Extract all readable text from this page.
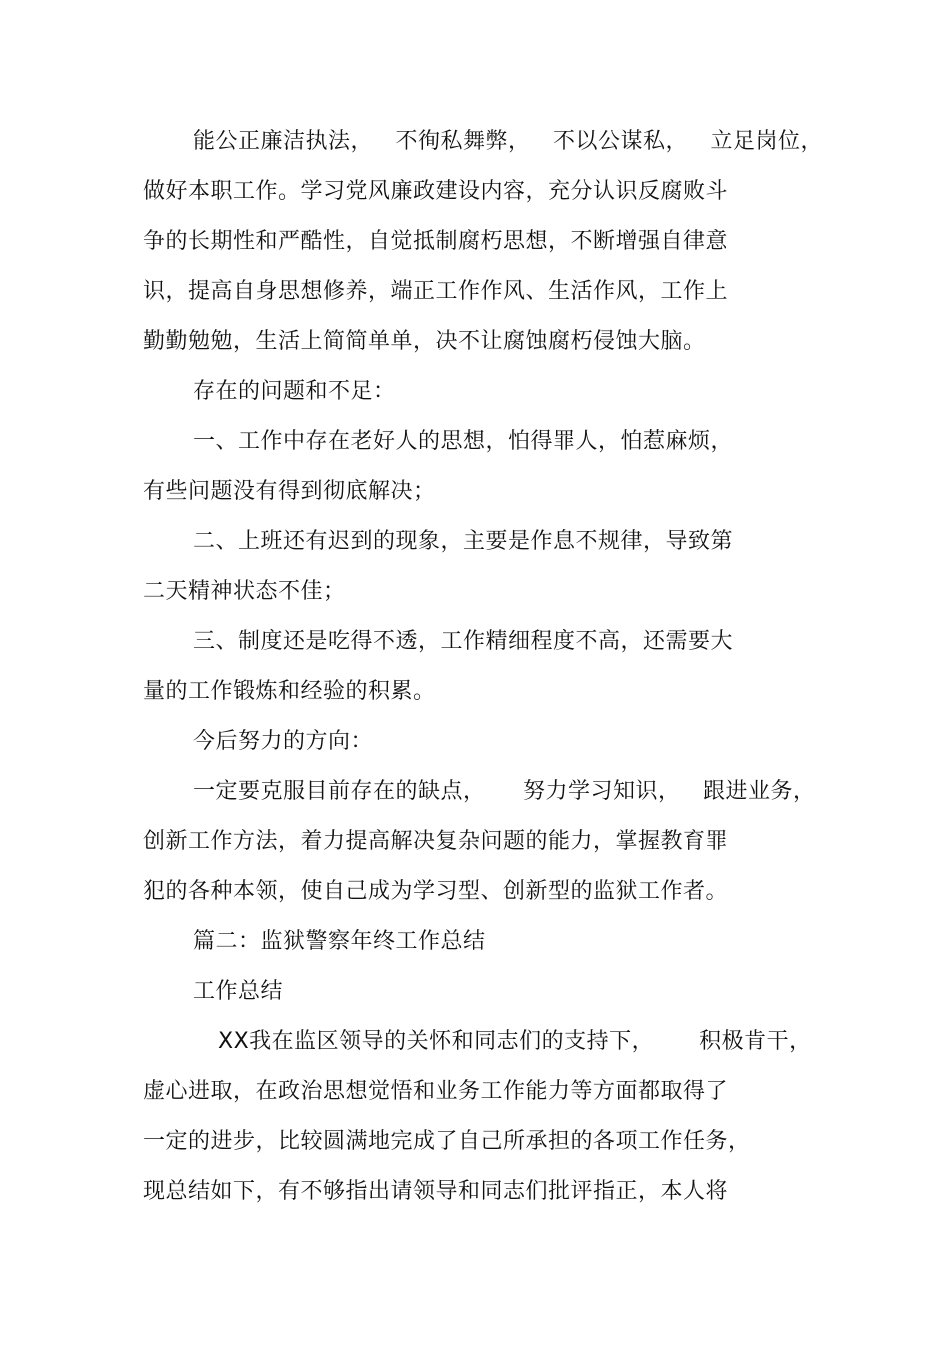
能公正廉洁执法，   不徇私舞弊，   不以公谋私，   立足岗位，
做好本职工作。学习党风廉政建设内容，充分认识反腐败斗
争的长期性和严酷性，自觉抵制腐朽思想，不断增强自律意
识，提高自身思想修养，端正工作作风、生活作风，工作上
勤勤勉勉，生活上简简单单，决不让腐蚀腐朽侵蚀大脑。
存在的问题和不足：
一、工作中存在老好人的思想，怕得罪人，怕惹麻烦，
有些问题没有得到彻底解决；
二、上班还有迟到的现象，主要是作息不规律，导致第
二天精神状态不佳；
三、制度还是吃得不透，工作精细程度不高，还需要大
量的工作锻炼和经验的积累。
今后努力的方向：
一定要克服目前存在的缺点，     努力学习知识，   跟进业务，
创新工作方法，着力提高解决复杂问题的能力，掌握教育罪
犯的各种本领，使自己成为学习型、创新型的监狱工作者。
篇二：监狱警察年终工作总结
工作总结
XX我在监区领导的关怀和同志们的支持下，      积极肯干，
虚心进取，在政治思想觉悟和业务工作能力等方面都取得了
一定的进步，比较圆满地完成了自己所承担的各项工作任务，
现总结如下，有不够指出请领导和同志们批评指正，本人将
